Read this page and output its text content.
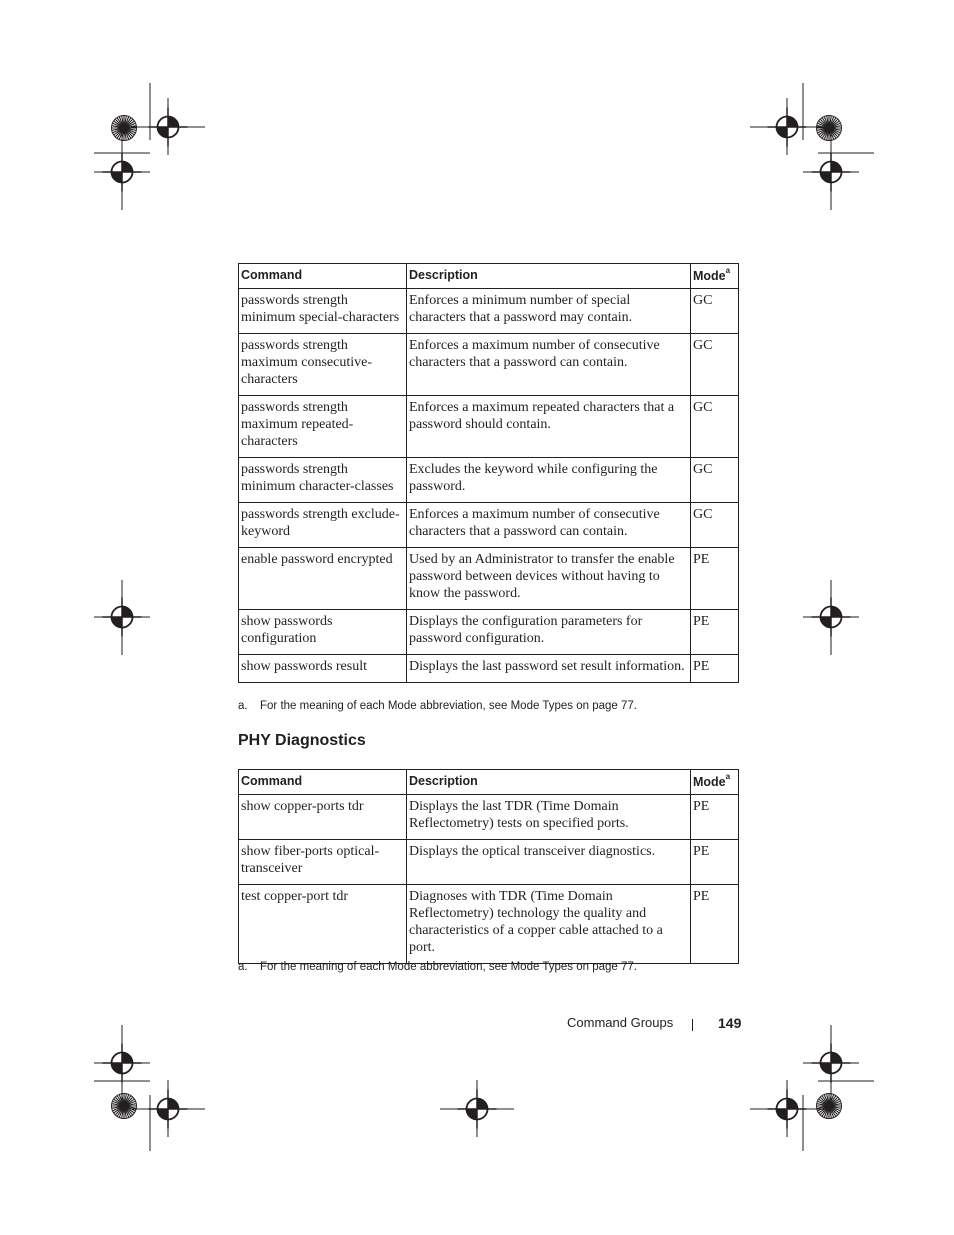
Command	Description	Mode$^a$
passwords strength minimum special-characters	Enforces a minimum number of special characters that a password may contain.	GC
passwords strength maximum consecutive-characters	Enforces a maximum number of consecutive characters that a password can contain.	GC
passwords strength maximum repeated-characters	Enforces a maximum repeated characters that a password should contain.	GC
passwords strength minimum character-classes	Excludes the keyword while configuring the password.	GC
passwords strength exclude-keyword	Enforces a maximum number of consecutive characters that a password can contain.	GC
enable password encrypted	Used by an Administrator to transfer the enable password between devices without having to know the password.	PE
show passwords configuration	Displays the configuration parameters for password configuration.	PE
show passwords result	Displays the last password set result information.	PE
a. For the meaning of each Mode abbreviation, see Mode Types on page 77.
PHY Diagnostics
Command	Description	Mode$^a$
show copper-ports tdr	Displays the last TDR (Time Domain Reflectometry) tests on specified ports.	PE
show fiber-ports optical-transceiver	Displays the optical transceiver diagnostics.	PE
test copper-port tdr	Diagnoses with TDR (Time Domain Reflectometry) technology the quality and characteristics of a copper cable attached to a port.	PE
a. For the meaning of each Mode abbreviation, see Mode Types on page 77.
Command Groups	149
